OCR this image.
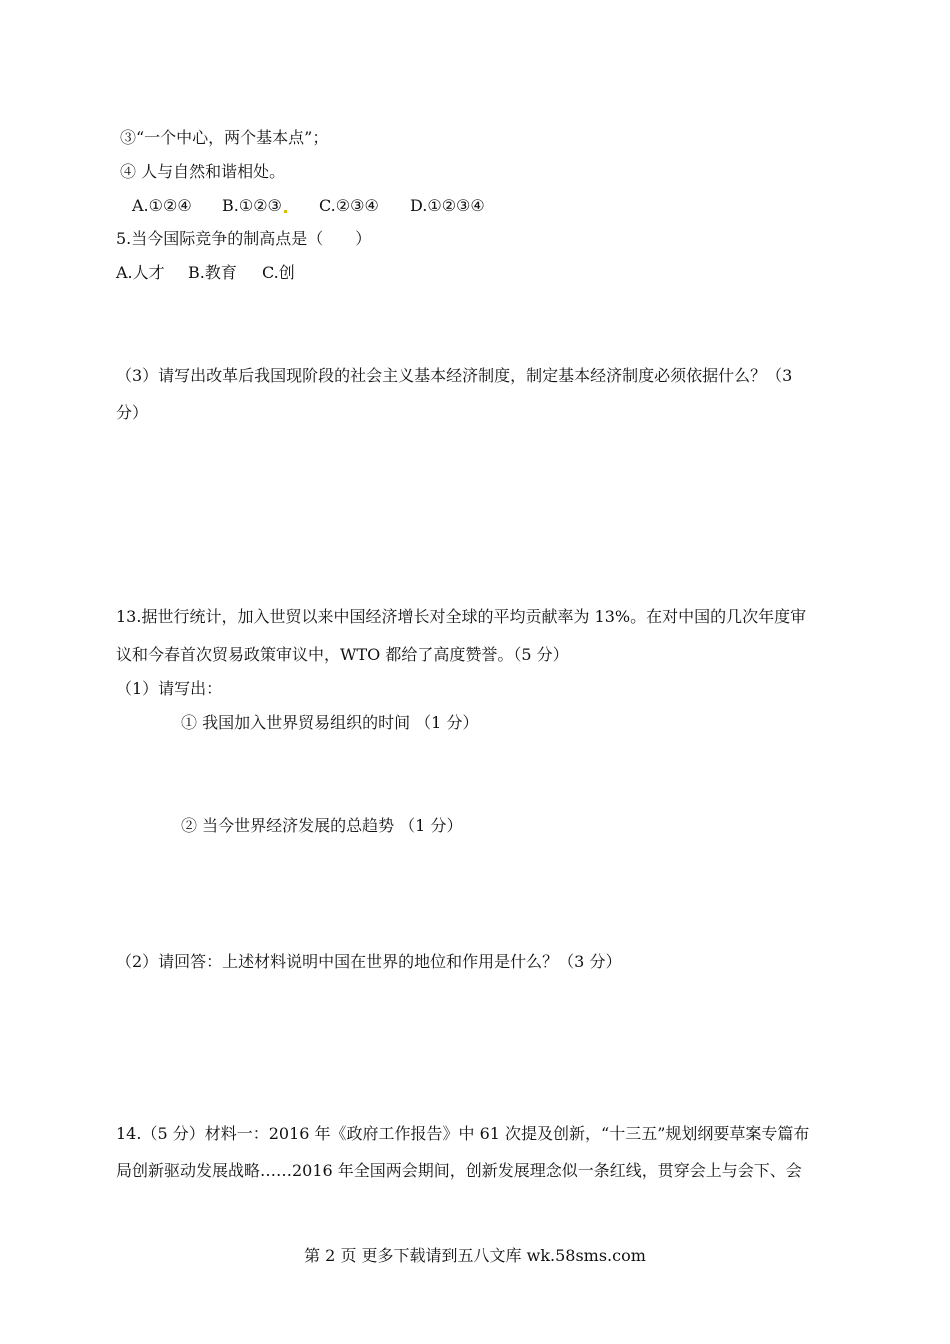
③“一个中心，两个基本点”；
④ 人与自然和谐相处。
A.①②④ B.①②③	C.②③④ D.①②③④
5.当今国际竞争的制高点是（　　）
A.人才 B.教育 C.创
（3）请写出改革后我国现阶段的社会主义基本经济制度，制定基本经济制度必须依据什么？（3
分）
13.据世行统计，加入世贸以来中国经济增长对全球的平均贡献率为 13%。在对中国的几次年度审
议和今春首次贸易政策审议中，WTO 都给了高度赞誉。（5 分）
（1）请写出：
① 我国加入世界贸易组织的时间 （1 分）
② 当今世界经济发展的总趋势 （1 分）
（2）请回答：上述材料说明中国在世界的地位和作用是什么？（3 分）
14.（5 分）材料一：2016 年《政府工作报告》中 61 次提及创新，“十三五”规划纲要草案专篇布
局创新驱动发展战略……2016 年全国两会期间，创新发展理念似一条红线，贯穿会上与会下、会
第 2 页 更多下载请到五八文库 wk.58sms.com
